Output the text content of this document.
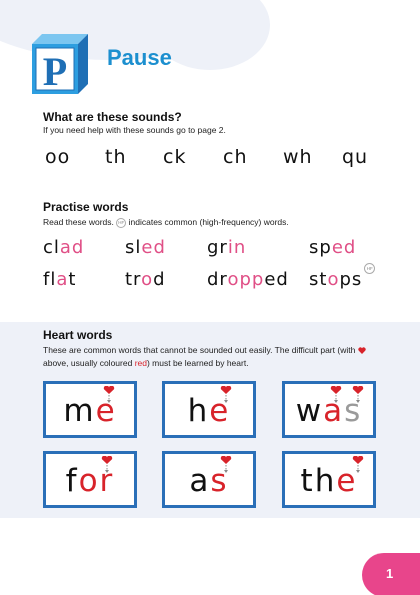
P Pause
What are these sounds?
If you need help with these sounds go to page 2.
oo th ck ch wh qu
Practise words
Read these words. HF indicates common (high-frequency) words.
clad sled grin	sped
flat	trod dropped stopsHF
Heart words
These are common words that cannot be sounded out easily. The difficult part (with  above, usually coloured red) must be learned by heart.
me	he	was
for	as	the
1
